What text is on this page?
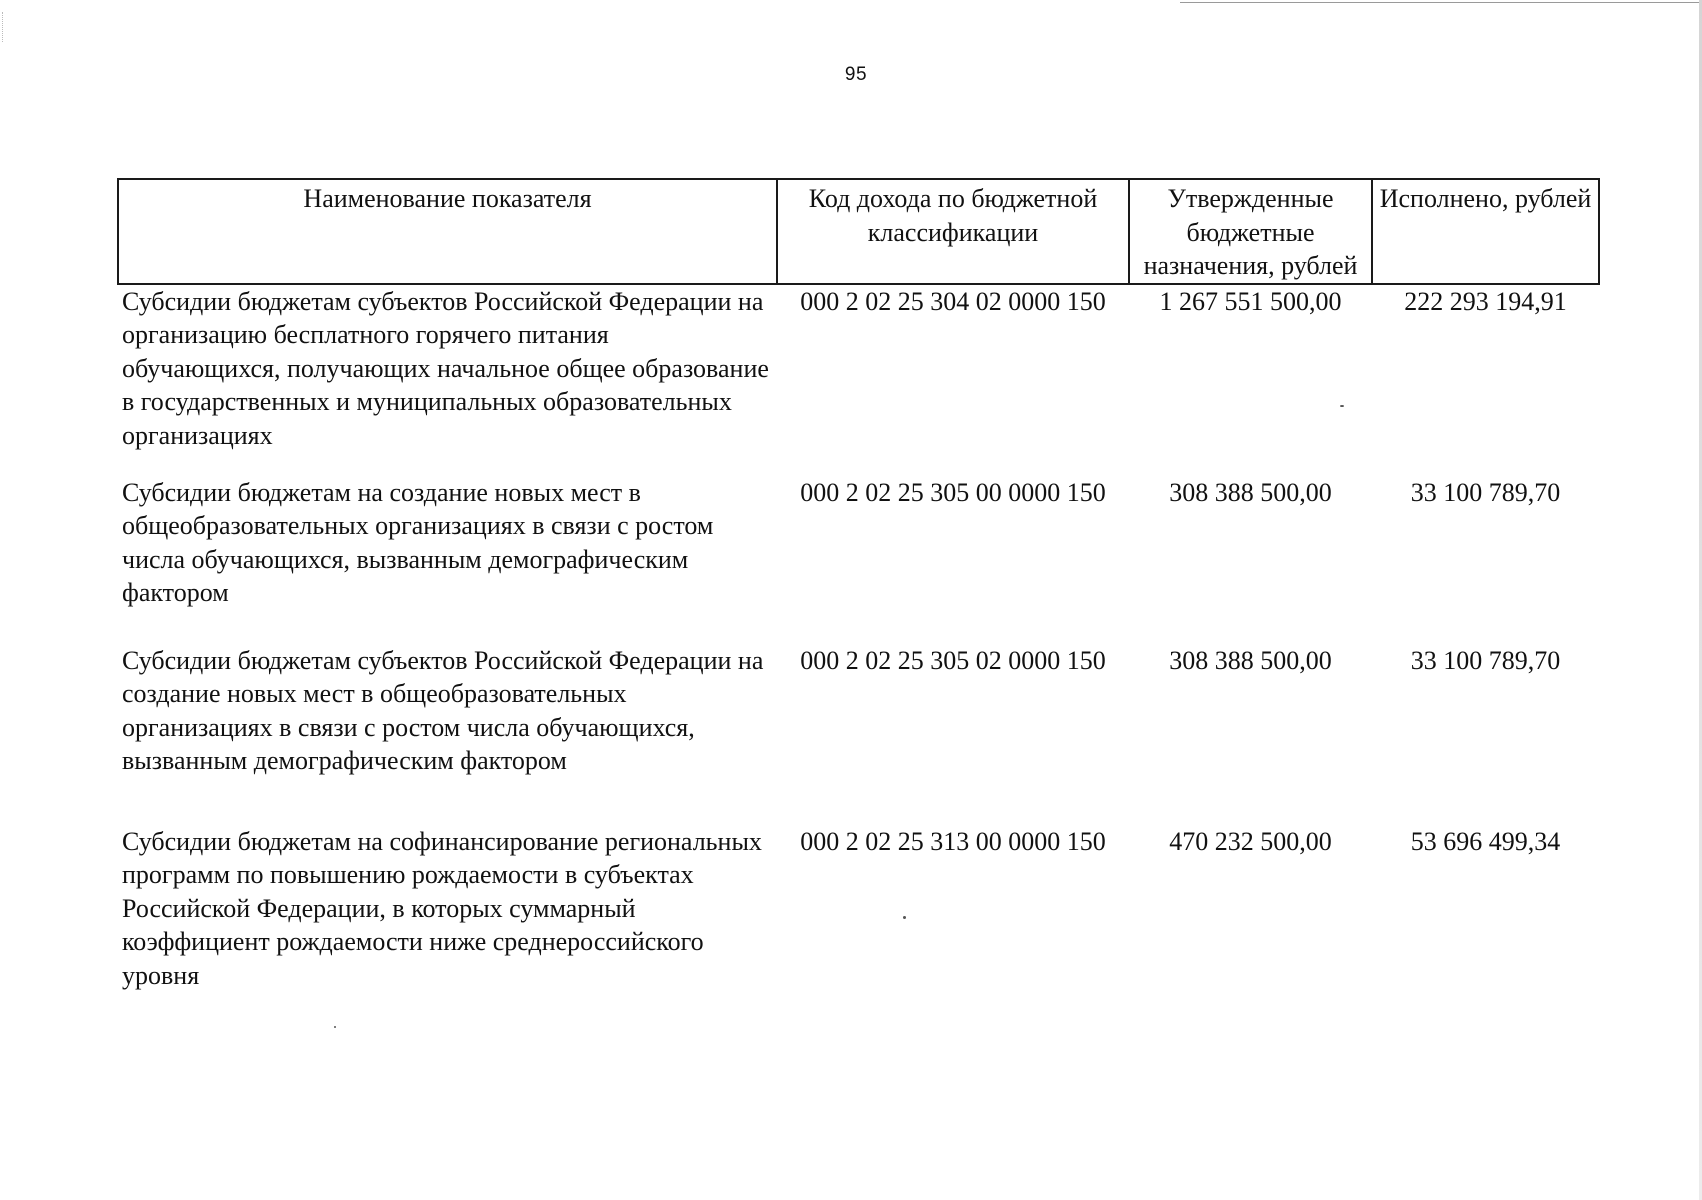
95
Наименование показателя	Код дохода по бюджетной классификации	Утвержденные бюджетные назначения, рублей	Исполнено, рублей
Субсидии бюджетам субъектов Российской Федерации на организацию бесплатного горячего питания обучающихся, получающих начальное общее образование в государственных и муниципальных образовательных организациях	000 2 02 25 304 02 0000 150	1 267 551 500,00	222 293 194,91
Субсидии бюджетам на создание новых мест в общеобразовательных организациях в связи с ростом числа обучающихся, вызванным демографическим фактором	000 2 02 25 305 00 0000 150	308 388 500,00	33 100 789,70
Субсидии бюджетам субъектов Российской Федерации на создание новых мест в общеобразовательных организациях в связи с ростом числа обучающихся, вызванным демографическим фактором	000 2 02 25 305 02 0000 150	308 388 500,00	33 100 789,70
Субсидии бюджетам на софинансирование региональных программ по повышению рождаемости в субъектах Российской Федерации, в которых суммарный коэффициент рождаемости ниже среднероссийского уровня	000 2 02 25 313 00 0000 150	470 232 500,00	53 696 499,34
